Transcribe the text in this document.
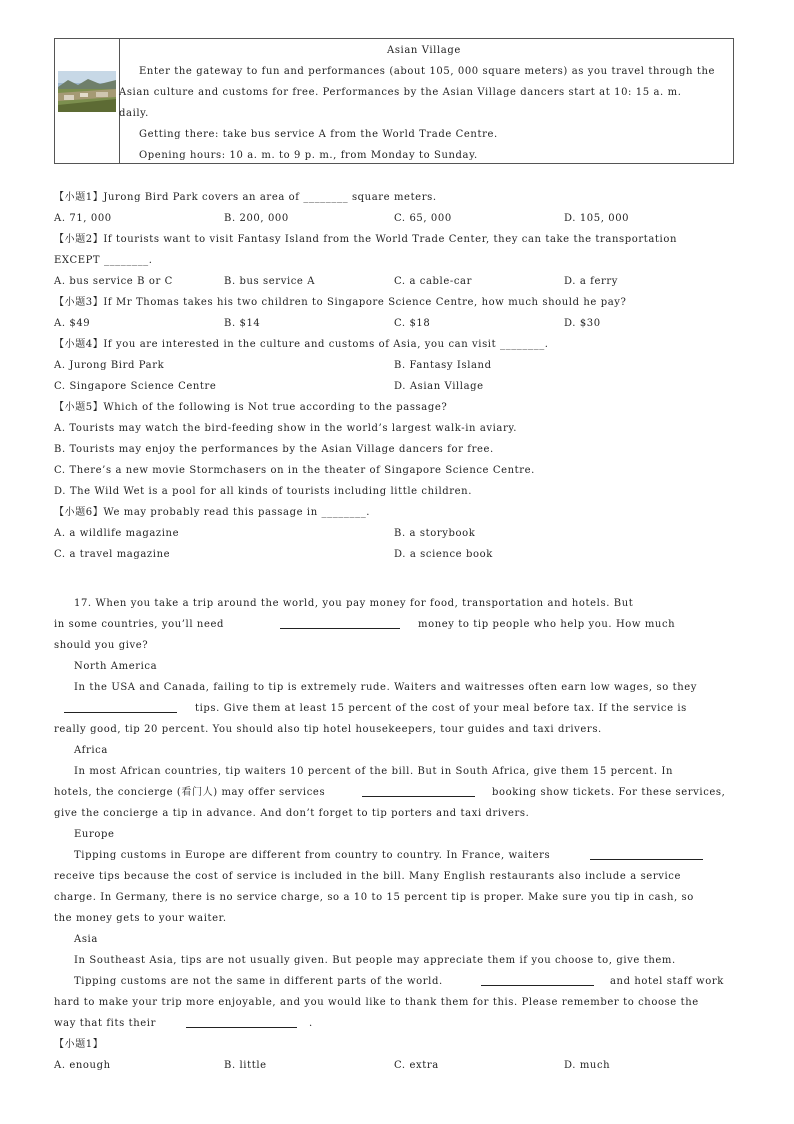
Asian Village
Enter the gateway to fun and performances (about 105, 000 square meters) as you travel through the
Asian culture and customs for free. Performances by the Asian Village dancers start at 10: 15 a. m.
daily.
Getting there: take bus service A from the World Trade Centre.
Opening hours: 10 a. m. to 9 p. m., from Monday to Sunday.
【小题1】Jurong Bird Park covers an area of ________ square meters.
A. 71, 000	B. 200, 000	C. 65, 000	D. 105, 000
【小题2】If tourists want to visit Fantasy Island from the World Trade Center, they can take the transportation
EXCEPT ________.
A. bus service B or C	B. bus service A	C. a cable-car	D. a ferry
【小题3】If Mr Thomas takes his two children to Singapore Science Centre, how much should he pay?
A. $49	B. $14	C. $18	D. $30
【小题4】If you are interested in the culture and customs of Asia, you can visit ________.
A. Jurong Bird Park	B. Fantasy Island
C. Singapore Science Centre	D. Asian Village
【小题5】Which of the following is Not true according to the passage?
A. Tourists may watch the bird-feeding show in the world’s largest walk-in aviary.
B. Tourists may enjoy the performances by the Asian Village dancers for free.
C. There’s a new movie Stormchasers on in the theater of Singapore Science Centre.
D. The Wild Wet is a pool for all kinds of tourists including little children.
【小题6】We may probably read this passage in ________.
A. a wildlife magazine	B. a storybook
C. a travel magazine	D. a science book
17. When you take a trip around the world, you pay money for food, transportation and hotels. But
in some countries, you’ll need	money to tip people who help you. How much
should you give?
North America
In the USA and Canada, failing to tip is extremely rude. Waiters and waitresses often earn low wages, so they
tips. Give them at least 15 percent of the cost of your meal before tax. If the service is
really good, tip 20 percent. You should also tip hotel housekeepers, tour guides and taxi drivers.
Africa
In most African countries, tip waiters 10 percent of the bill. But in South Africa, give them 15 percent. In
hotels, the concierge (看门人) may offer services	booking show tickets. For these services,
give the concierge a tip in advance. And don’t forget to tip porters and taxi drivers.
Europe
Tipping customs in Europe are different from country to country. In France, waiters
receive tips because the cost of service is included in the bill. Many English restaurants also include a service
charge. In Germany, there is no service charge, so a 10 to 15 percent tip is proper. Make sure you tip in cash, so
the money gets to your waiter.
Asia
In Southeast Asia, tips are not usually given. But people may appreciate them if you choose to, give them.
Tipping customs are not the same in different parts of the world.	and hotel staff work
hard to make your trip more enjoyable, and you would like to thank them for this. Please remember to choose the
way that fits their	.
【小题1】
A. enough	B. little	C. extra	D. much
